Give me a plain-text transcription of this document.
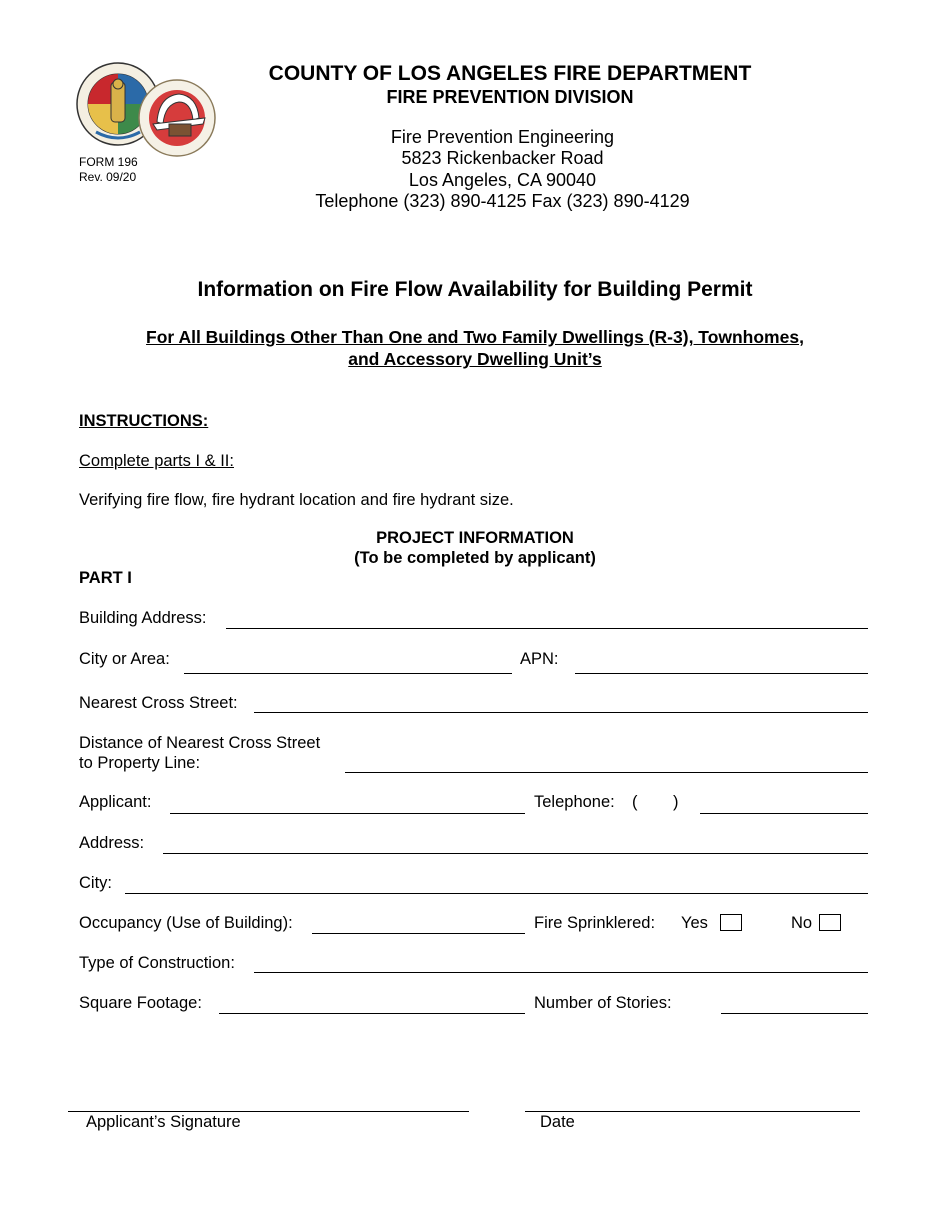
FORM 196
Rev. 09/20
COUNTY OF LOS ANGELES FIRE DEPARTMENT
FIRE PREVENTION DIVISION
Fire Prevention Engineering
5823 Rickenbacker Road
Los Angeles, CA 90040
Telephone (323) 890-4125 Fax (323) 890-4129
Information on Fire Flow Availability for Building Permit
For All Buildings Other Than One and Two Family Dwellings (R-3), Townhomes,
and Accessory Dwelling Unit’s
INSTRUCTIONS:
Complete parts I & II:
Verifying fire flow, fire hydrant location and fire hydrant size.
PROJECT INFORMATION
(To be completed by applicant)
PART I
Building Address:
City or Area:	APN:
Nearest Cross Street:
Distance of Nearest Cross Street
to Property Line:
Applicant:	Telephone: ( )
Address:
City:
Occupancy (Use of Building):	Fire Sprinklered: Yes	No
Type of Construction:
Square Footage:	Number of Stories:
Applicant’s Signature	Date
